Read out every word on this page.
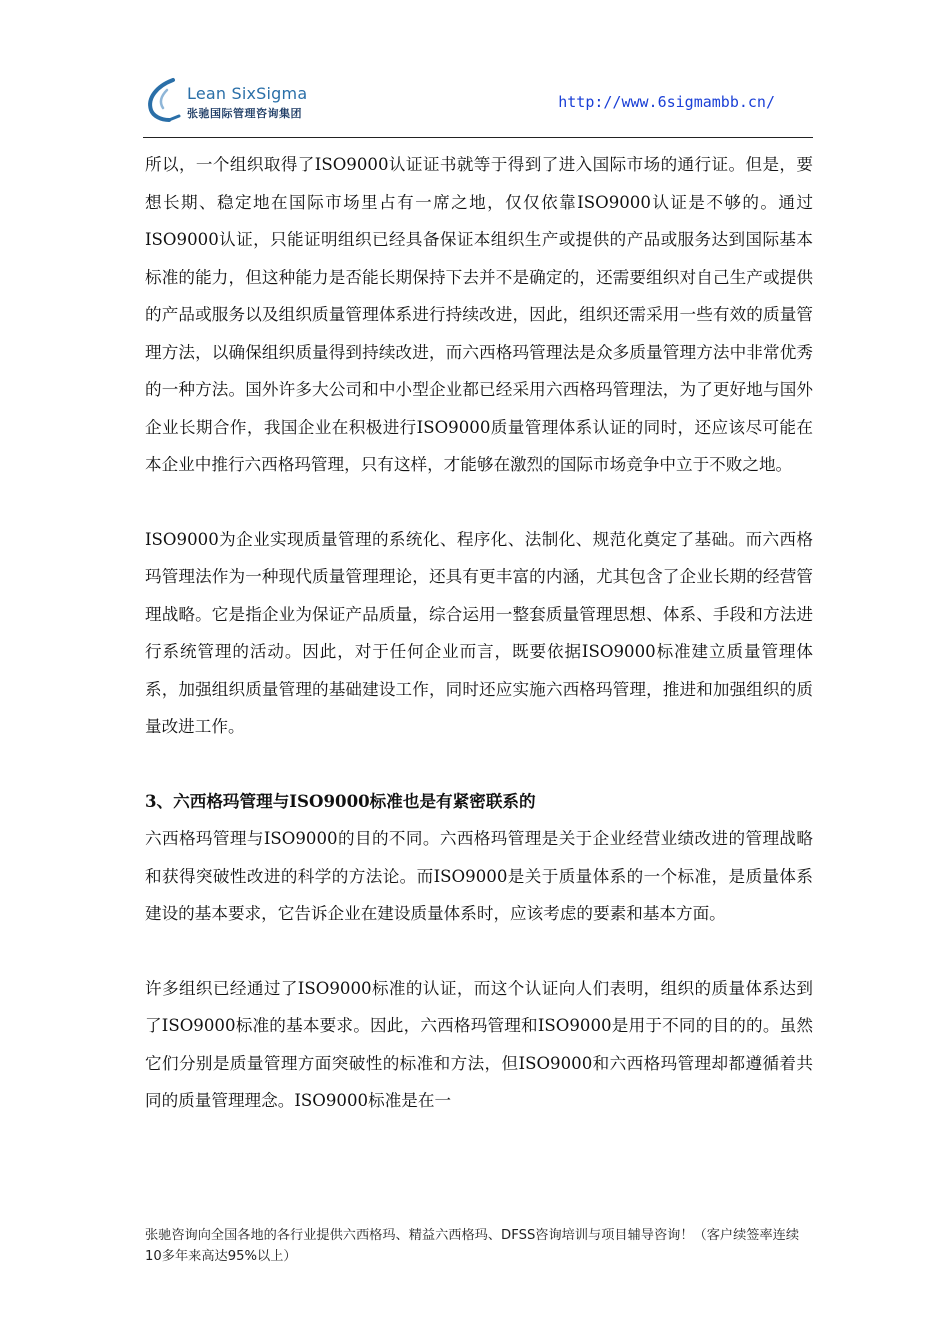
Lean SixSigma
张驰国际管理咨询集团
http://www.6sigmambb.cn/

所以，一个组织取得了ISO9000认证证书就等于得到了进入国际市场的通行证。但是，要想长期、稳定地在国际市场里占有一席之地，仅仅依靠ISO9000认证是不够的。通过ISO9000认证，只能证明组织已经具备保证本组织生产或提供的产品或服务达到国际基本标准的能力，但这种能力是否能长期保持下去并不是确定的，还需要组织对自己生产或提供的产品或服务以及组织质量管理体系进行持续改进，因此，组织还需采用一些有效的质量管理方法，以确保组织质量得到持续改进，而六西格玛管理法是众多质量管理方法中非常优秀的一种方法。国外许多大公司和中小型企业都已经采用六西格玛管理法，为了更好地与国外企业长期合作，我国企业在积极进行ISO9000质量管理体系认证的同时，还应该尽可能在本企业中推行六西格玛管理，只有这样，才能够在激烈的国际市场竞争中立于不败之地。

ISO9000为企业实现质量管理的系统化、程序化、法制化、规范化奠定了基础。而六西格玛管理法作为一种现代质量管理理论，还具有更丰富的内涵，尤其包含了企业长期的经营管理战略。它是指企业为保证产品质量，综合运用一整套质量管理思想、体系、手段和方法进行系统管理的活动。因此，对于任何企业而言，既要依据ISO9000标准建立质量管理体系，加强组织质量管理的基础建设工作，同时还应实施六西格玛管理，推进和加强组织的质量改进工作。

3、六西格玛管理与ISO9000标准也是有紧密联系的

六西格玛管理与ISO9000的目的不同。六西格玛管理是关于企业经营业绩改进的管理战略和获得突破性改进的科学的方法论。而ISO9000是关于质量体系的一个标准，是质量体系建设的基本要求，它告诉企业在建设质量体系时，应该考虑的要素和基本方面。

许多组织已经通过了ISO9000标准的认证，而这个认证向人们表明，组织的质量体系达到了ISO9000标准的基本要求。因此，六西格玛管理和ISO9000是用于不同的目的的。虽然它们分别是质量管理方面突破性的标准和方法，但ISO9000和六西格玛管理却都遵循着共同的质量管理理念。ISO9000标准是在一

张驰咨询向全国各地的各行业提供六西格玛、精益六西格玛、DFSS咨询培训与项目辅导咨询！（客户续签率连续10多年来高达95%以上）
